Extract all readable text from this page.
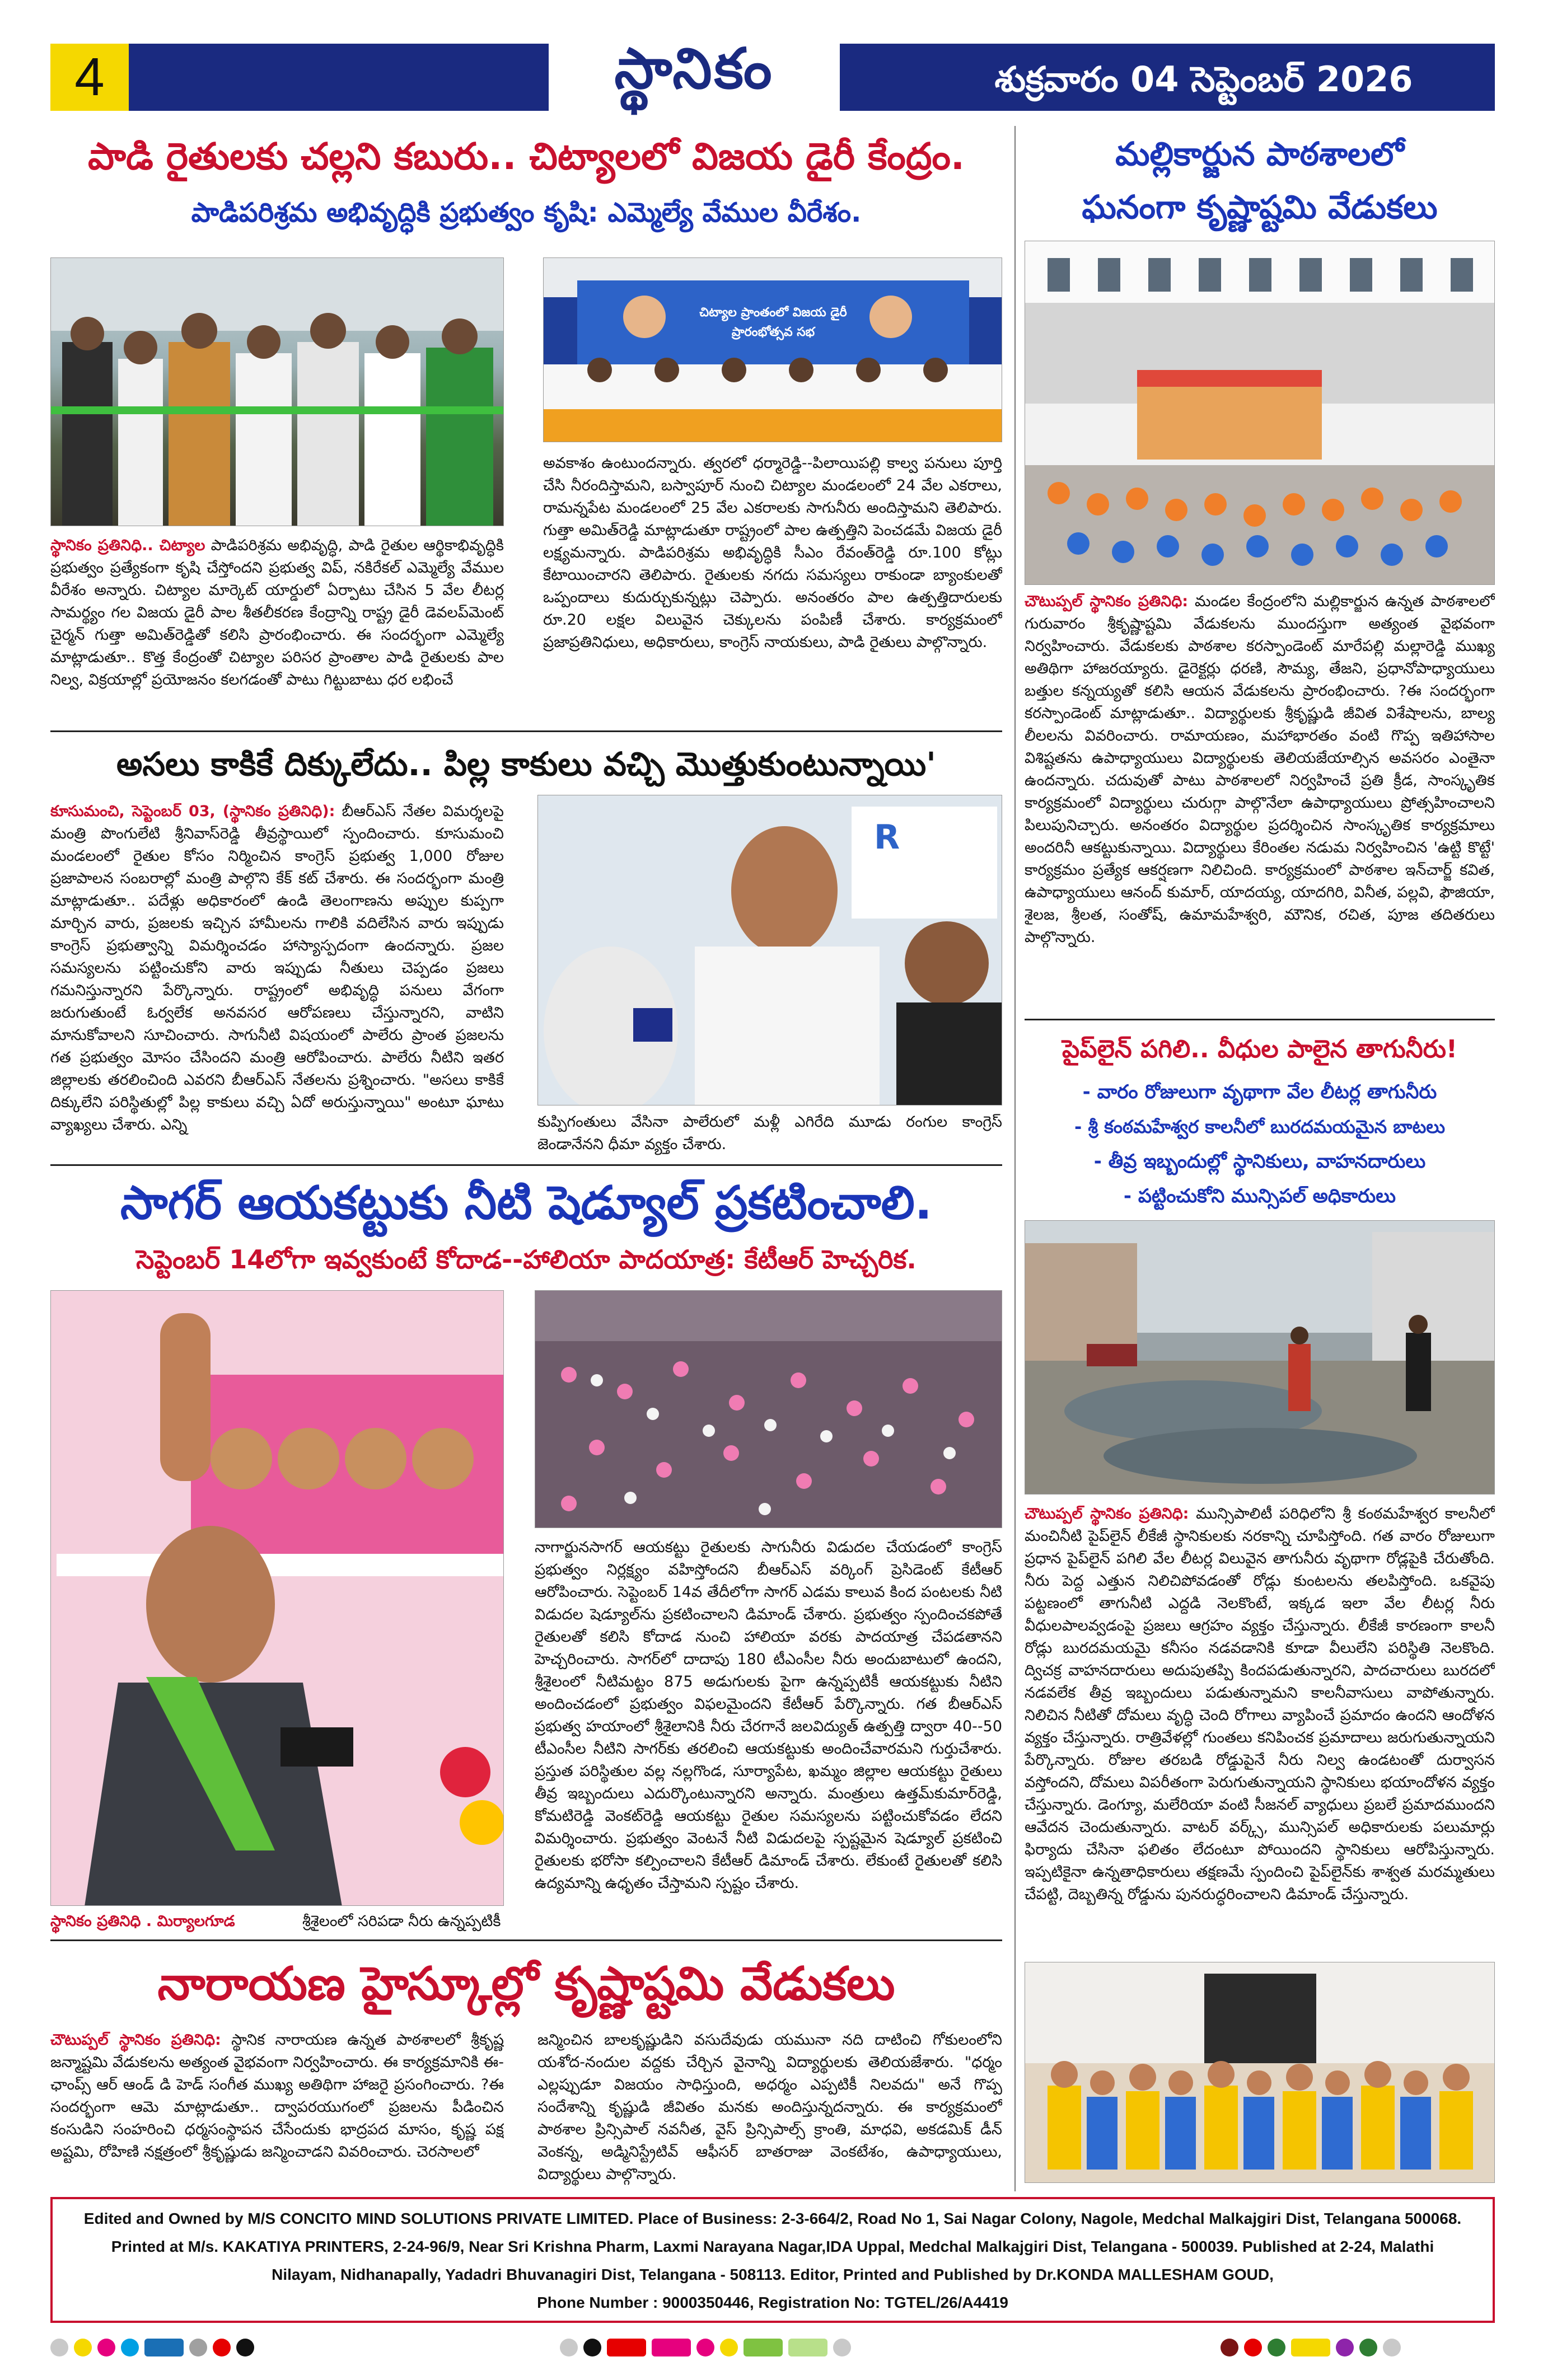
4	స్థానికం	శుక్రవారం 04 సెప్టెంబర్ 2026
పాడి రైతులకు చల్లని కబురు.. చిట్యాలలో విజయ డైరీ కేంద్రం.
పాడిపరిశ్రమ అభివృద్ధికి ప్రభుత్వం కృషి: ఎమ్మెల్యే వేముల వీరేశం.
చిట్యాల ప్రాంతంలో విజయ డైరీ ప్రారంభోత్సవ సభ
స్థానికం ప్రతినిధి.. చిట్యాల పాడిపరిశ్రమ అభివృద్ధి, పాడి రైతుల ఆర్థికాభివృద్ధికి ప్రభుత్వం ప్రత్యేకంగా కృషి చేస్తోందని ప్రభుత్వ విప్, నకిరేకల్ ఎమ్మెల్యే వేముల వీరేశం అన్నారు. చిట్యాల మార్కెట్ యార్డులో ఏర్పాటు చేసిన 5 వేల లీటర్ల సామర్థ్యం గల విజయ డైరీ పాల శీతలీకరణ కేంద్రాన్ని రాష్ట్ర డైరీ డెవలప్‌మెంట్ చైర్మన్ గుత్తా అమిత్‌రెడ్డితో కలిసి ప్రారంభించారు. ఈ సందర్భంగా ఎమ్మెల్యే మాట్లాడుతూ.. కొత్త కేంద్రంతో చిట్యాల పరిసర ప్రాంతాల పాడి రైతులకు పాల నిల్వ, విక్రయాల్లో ప్రయోజనం కలగడంతో పాటు గిట్టుబాటు ధర లభించే
అవకాశం ఉంటుందన్నారు. త్వరలో ధర్మారెడ్డి--పిలాయిపల్లి కాల్వ పనులు పూర్తి చేసి నీరందిస్తామని, బస్వాపూర్ నుంచి చిట్యాల మండలంలో 24 వేల ఎకరాలు, రామన్నపేట మండలంలో 25 వేల ఎకరాలకు సాగునీరు అందిస్తామని తెలిపారు. గుత్తా అమిత్‌రెడ్డి మాట్లాడుతూ రాష్ట్రంలో పాల ఉత్పత్తిని పెంచడమే విజయ డైరీ లక్ష్యమన్నారు. పాడిపరిశ్రమ అభివృద్ధికి సీఎం రేవంత్‌రెడ్డి రూ.100 కోట్లు కేటాయించారని తెలిపారు. రైతులకు నగదు సమస్యలు రాకుండా బ్యాంకులతో ఒప్పందాలు కుదుర్చుకున్నట్లు చెప్పారు. అనంతరం పాల ఉత్పత్తిదారులకు రూ.20 లక్షల విలువైన చెక్కులను పంపిణీ చేశారు. కార్యక్రమంలో ప్రజాప్రతినిధులు, అధికారులు, కాంగ్రెస్ నాయకులు, పాడి రైతులు పాల్గొన్నారు.
అసలు కాకికే దిక్కులేదు.. పిల్ల కాకులు వచ్చి మొత్తుకుంటున్నాయి'
కూసుమంచి, సెప్టెంబర్ 03, (స్థానికం ప్రతినిధి): బీఆర్ఎస్ నేతల విమర్శలపై మంత్రి పొంగులేటి శ్రీనివాస్‌రెడ్డి తీవ్రస్థాయిలో స్పందించారు. కూసుమంచి మండలంలో రైతుల కోసం నిర్మించిన కాంగ్రెస్ ప్రభుత్వ 1,000 రోజుల ప్రజాపాలన సంబరాల్లో మంత్రి పాల్గొని కేక్ కట్ చేశారు. ఈ సందర్భంగా మంత్రి మాట్లాడుతూ.. పదేళ్లు అధికారంలో ఉండి తెలంగాణను అప్పుల కుప్పగా మార్చిన వారు, ప్రజలకు ఇచ్చిన హామీలను గాలికి వదిలేసిన వారు ఇప్పుడు కాంగ్రెస్ ప్రభుత్వాన్ని విమర్శించడం హాస్యాస్పదంగా ఉందన్నారు. ప్రజల సమస్యలను పట్టించుకోని వారు ఇప్పుడు నీతులు చెప్పడం ప్రజలు గమనిస్తున్నారని పేర్కొన్నారు. రాష్ట్రంలో అభివృద్ధి పనులు వేగంగా జరుగుతుంటే ఓర్వలేక అనవసర ఆరోపణలు చేస్తున్నారని, వాటిని మానుకోవాలని సూచించారు. సాగునీటి విషయంలో పాలేరు ప్రాంత ప్రజలను గత ప్రభుత్వం మోసం చేసిందని మంత్రి ఆరోపించారు. పాలేరు నీటిని ఇతర జిల్లాలకు తరలించింది ఎవరని బీఆర్ఎస్ నేతలను ప్రశ్నించారు. "అసలు కాకికే దిక్కులేని పరిస్థితుల్లో పిల్ల కాకులు వచ్చి ఏదో అరుస్తున్నాయి" అంటూ ఘాటు వ్యాఖ్యలు చేశారు. ఎన్ని
R
కుప్పిగంతులు వేసినా పాలేరులో మళ్లీ ఎగిరేది మూడు రంగుల కాంగ్రెస్ జెండానేనని ధీమా వ్యక్తం చేశారు.
సాగర్ ఆయకట్టుకు నీటి షెడ్యూల్ ప్రకటించాలి.
సెప్టెంబర్ 14లోగా ఇవ్వకుంటే కోదాడ--హాలియా పాదయాత్ర: కేటీఆర్ హెచ్చరిక.
నాగార్జునసాగర్ ఆయకట్టు రైతులకు సాగునీరు విడుదల చేయడంలో కాంగ్రెస్ ప్రభుత్వం నిర్లక్ష్యం వహిస్తోందని బీఆర్ఎస్ వర్కింగ్ ప్రెసిడెంట్ కేటీఆర్ ఆరోపించారు. సెప్టెంబర్ 14వ తేదీలోగా సాగర్ ఎడమ కాలువ కింద పంటలకు నీటి విడుదల షెడ్యూల్‌ను ప్రకటించాలని డిమాండ్ చేశారు. ప్రభుత్వం స్పందించకపోతే రైతులతో కలిసి కోదాడ నుంచి హాలియా వరకు పాదయాత్ర చేపడతానని హెచ్చరించారు. సాగర్‌లో దాదాపు 180 టీఎంసీల నీరు అందుబాటులో ఉందని, శ్రీశైలంలో నీటిమట్టం 875 అడుగులకు పైగా ఉన్నప్పటికీ ఆయకట్టుకు నీటిని అందించడంలో ప్రభుత్వం విఫలమైందని కేటీఆర్ పేర్కొన్నారు. గత బీఆర్ఎస్ ప్రభుత్వ హయాంలో శ్రీశైలానికి నీరు చేరగానే జలవిద్యుత్ ఉత్పత్తి ద్వారా 40--50 టీఎంసీల నీటిని సాగర్‌కు తరలించి ఆయకట్టుకు అందించేవారమని గుర్తుచేశారు. ప్రస్తుత పరిస్థితుల వల్ల నల్లగొండ, సూర్యాపేట, ఖమ్మం జిల్లాల ఆయకట్టు రైతులు తీవ్ర ఇబ్బందులు ఎదుర్కొంటున్నారని అన్నారు. మంత్రులు ఉత్తమ్‌కుమార్‌రెడ్డి, కోమటిరెడ్డి వెంకట్‌రెడ్డి ఆయకట్టు రైతుల సమస్యలను పట్టించుకోవడం లేదని విమర్శించారు. ప్రభుత్వం వెంటనే నీటి విడుదలపై స్పష్టమైన షెడ్యూల్ ప్రకటించి రైతులకు భరోసా కల్పించాలని కేటీఆర్ డిమాండ్ చేశారు. లేకుంటే రైతులతో కలిసి ఉద్యమాన్ని ఉధృతం చేస్తామని స్పష్టం చేశారు.
స్థానికం ప్రతినిధి . మిర్యాలగూడ	శ్రీశైలంలో సరిపడా నీరు ఉన్నప్పటికీ
నారాయణ హైస్కూల్లో కృష్ణాష్టమి వేడుకలు
చౌటుప్పల్ స్థానికం ప్రతినిధి: స్థానిక నారాయణ ఉన్నత పాఠశాలలో శ్రీకృష్ణ జన్మాష్టమి వేడుకలను అత్యంత వైభవంగా నిర్వహించారు. ఈ కార్యక్రమానికి ఈ-ఛాంప్స్ ఆర్ ఆండ్ డి హెడ్ సంగీత ముఖ్య అతిథిగా హాజరై ప్రసంగించారు. ?ఈ సందర్భంగా ఆమె మాట్లాడుతూ.. ద్వాపరయుగంలో ప్రజలను పీడించిన కంసుడిని సంహరించి ధర్మసంస్థాపన చేసేందుకు భాద్రపద మాసం, కృష్ణ పక్ష అష్టమి, రోహిణి నక్షత్రంలో శ్రీకృష్ణుడు జన్మించాడని వివరించారు. చెరసాలలో
జన్మించిన బాలకృష్ణుడిని వసుదేవుడు యమునా నది దాటించి గోకులంలోని యశోద-నందుల వద్దకు చేర్చిన వైనాన్ని విద్యార్థులకు తెలియజేశారు. "ధర్మం ఎల్లప్పుడూ విజయం సాధిస్తుంది, అధర్మం ఎప్పటికీ నిలవదు" అనే గొప్ప సందేశాన్ని కృష్ణుడి జీవితం మనకు అందిస్తున్నదన్నారు. ఈ కార్యక్రమంలో పాఠశాల ప్రిన్సిపాల్ నవనీత, వైస్ ప్రిన్సిపాల్స్ క్రాంతి, మాధవి, అకడమిక్ డీన్ వెంకన్న, అడ్మినిస్ట్రేటివ్ ఆఫీసర్ బాతరాజు వెంకటేశం, ఉపాధ్యాయులు, విద్యార్థులు పాల్గొన్నారు.
మల్లికార్జున పాఠశాలలో
ఘనంగా కృష్ణాష్టమి వేడుకలు
చౌటుప్పల్ స్థానికం ప్రతినిధి: మండల కేంద్రంలోని మల్లికార్జున ఉన్నత పాఠశాలలో గురువారం శ్రీకృష్ణాష్టమి వేడుకలను ముందస్తుగా అత్యంత వైభవంగా నిర్వహించారు. వేడుకలకు పాఠశాల కరస్పాండెంట్ మారేపల్లి మల్లారెడ్డి ముఖ్య అతిథిగా హాజరయ్యారు. డైరెక్టర్లు ధరణి, సౌమ్య, తేజని, ప్రధానోపాధ్యాయులు బత్తుల కన్నయ్యతో కలిసి ఆయన వేడుకలను ప్రారంభించారు. ?ఈ సందర్భంగా కరస్పాండెంట్ మాట్లాడుతూ.. విద్యార్థులకు శ్రీకృష్ణుడి జీవిత విశేషాలను, బాల్య లీలలను వివరించారు. రామాయణం, మహాభారతం వంటి గొప్ప ఇతిహాసాల విశిష్టతను ఉపాధ్యాయులు విద్యార్థులకు తెలియజేయాల్సిన అవసరం ఎంతైనా ఉందన్నారు. చదువుతో పాటు పాఠశాలలో నిర్వహించే ప్రతి క్రీడ, సాంస్కృతిక కార్యక్రమంలో విద్యార్థులు చురుగ్గా పాల్గొనేలా ఉపాధ్యాయులు ప్రోత్సహించాలని పిలుపునిచ్చారు. అనంతరం విద్యార్థుల ప్రదర్శించిన సాంస్కృతిక కార్యక్రమాలు అందరినీ ఆకట్టుకున్నాయి. విద్యార్థులు కేరింతల నడుమ నిర్వహించిన 'ఉట్టి కొట్టే' కార్యక్రమం ప్రత్యేక ఆకర్షణగా నిలిచింది. కార్యక్రమంలో పాఠశాల ఇన్‌చార్జ్ కవిత, ఉపాధ్యాయులు ఆనంద్ కుమార్, యాదయ్య, యాదగిరి, వినీత, పల్లవి, ఫౌజియా, శైలజ, శ్రీలత, సంతోష్, ఉమామహేశ్వరి, మౌనిక, రచిత, పూజ తదితరులు పాల్గొన్నారు.
పైప్‌లైన్ పగిలి.. వీధుల పాలైన తాగునీరు!
- వారం రోజులుగా వృథాగా వేల లీటర్ల తాగునీరు
- శ్రీ కంఠమహేశ్వర కాలనీలో బురదమయమైన బాటలు
- తీవ్ర ఇబ్బందుల్లో స్థానికులు, వాహనదారులు
- పట్టించుకోని మున్సిపల్ అధికారులు
చౌటుప్పల్ స్థానికం ప్రతినిధి: మున్సిపాలిటీ పరిధిలోని శ్రీ కంఠమహేశ్వర కాలనీలో మంచినీటి పైప్‌లైన్ లీకేజీ స్థానికులకు నరకాన్ని చూపిస్తోంది. గత వారం రోజులుగా ప్రధాన పైప్‌లైన్ పగిలి వేల లీటర్ల విలువైన తాగునీరు వృథాగా రోడ్లపైకి చేరుతోంది. నీరు పెద్ద ఎత్తున నిలిచిపోవడంతో రోడ్లు కుంటలను తలపిస్తోంది. ఒకవైపు పట్టణంలో తాగునీటి ఎద్దడి నెలకొంటే, ఇక్కడ ఇలా వేల లీటర్ల నీరు వీధులపాలవ్వడంపై ప్రజలు ఆగ్రహం వ్యక్తం చేస్తున్నారు. లీకేజీ కారణంగా కాలనీ రోడ్లు బురదమయమై కనీసం నడవడానికి కూడా వీలులేని పరిస్థితి నెలకొంది. ద్విచక్ర వాహనదారులు అదుపుతప్పి కిందపడుతున్నారని, పాదచారులు బురదలో నడవలేక తీవ్ర ఇబ్బందులు పడుతున్నామని కాలనీవాసులు వాపోతున్నారు. నిలిచిన నీటితో దోమలు వృద్ధి చెంది రోగాలు వ్యాపించే ప్రమాదం ఉందని ఆందోళన వ్యక్తం చేస్తున్నారు. రాత్రివేళల్లో గుంతలు కనిపించక ప్రమాదాలు జరుగుతున్నాయని పేర్కొన్నారు. రోజుల తరబడి రోడ్డుపైనే నీరు నిల్వ ఉండటంతో దుర్వాసన వస్తోందని, దోమలు విపరీతంగా పెరుగుతున్నాయని స్థానికులు భయాందోళన వ్యక్తం చేస్తున్నారు. డెంగ్యూ, మలేరియా వంటి సీజనల్ వ్యాధులు ప్రబలే ప్రమాదముందని ఆవేదన చెందుతున్నారు. వాటర్ వర్క్స్, మున్సిపల్ అధికారులకు పలుమార్లు ఫిర్యాదు చేసినా ఫలితం లేదంటూ పోయిందని స్థానికులు ఆరోపిస్తున్నారు. ఇప్పటికైనా ఉన్నతాధికారులు తక్షణమే స్పందించి పైప్‌లైన్‌కు శాశ్వత మరమ్మతులు చేపట్టి, దెబ్బతిన్న రోడ్డును పునరుద్ధరించాలని డిమాండ్ చేస్తున్నారు.
Edited and Owned by M/S CONCITO MIND SOLUTIONS PRIVATE LIMITED. Place of Business: 2-3-664/2, Road No 1, Sai Nagar Colony, Nagole, Medchal Malkajgiri Dist, Telangana 500068.
Printed at M/s. KAKATIYA PRINTERS, 2-24-96/9, Near Sri Krishna Pharm, Laxmi Narayana Nagar,IDA Uppal, Medchal Malkajgiri Dist, Telangana - 500039. Published at 2-24, Malathi
Nilayam, Nidhanapally, Yadadri Bhuvanagiri Dist, Telangana - 508113. Editor, Printed and Published by Dr.KONDA MALLESHAM GOUD,
Phone Number : 9000350446, Registration No: TGTEL/26/A4419
